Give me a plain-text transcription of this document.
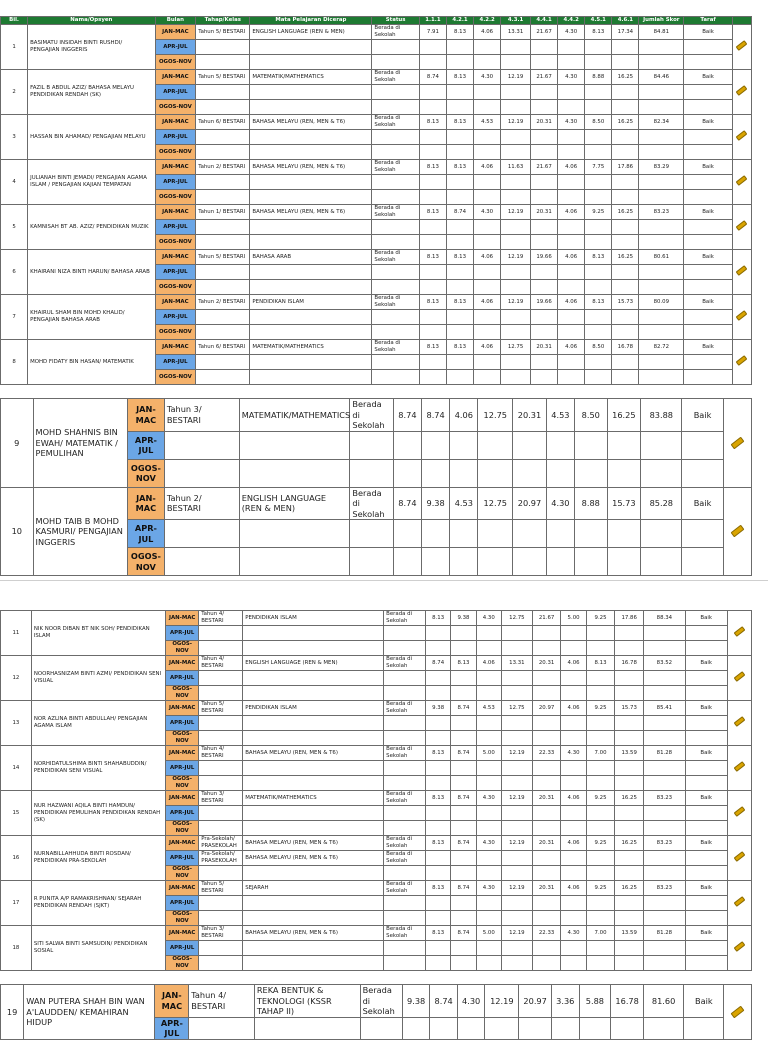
Bil.	Nama/Opsyen	Bulan	Tahap/Kelas	Mata Pelajaran Dicerap	Status	1.1.1	4.2.1	4.2.2	4.3.1	4.4.1	4.4.2	4.5.1	4.6.1	Jumlah Skor	Taraf	
1	BASIMATU INSIDAH BINTI RUSHDI/ PENGAJIAN INGGERIS	JAN-MAC	Tahun 5/ BESTARI	ENGLISH LANGUAGE (REN & MEN)	Berada di Sekolah	7.91	8.13	4.06	13.31	21.67	4.30	8.13	17.34	84.81	Baik	
		APR-JUL														
		OGOS-NOV														
2	FAZIL B ABDUL AZIZ/ BAHASA MELAYU PENDIDIKAN RENDAH (SK)	JAN-MAC	Tahun 5/ BESTARI	MATEMATIK/MATHEMATICS	Berada di Sekolah	8.74	8.13	4.30	12.19	21.67	4.30	8.88	16.25	84.46	Baik	
		APR-JUL														
		OGOS-NOV														
3	HASSAN BIN AHAMAD/ PENGAJIAN MELAYU	JAN-MAC	Tahun 6/ BESTARI	BAHASA MELAYU (REN, MEN & T6)	Berada di Sekolah	8.13	8.13	4.53	12.19	20.31	4.30	8.50	16.25	82.34	Baik	
		APR-JUL														
		OGOS-NOV														
4	JULIANAH BINTI JEMADI/ PENGAJIAN AGAMA ISLAM / PENGAJIAN KAJIAN TEMPATAN	JAN-MAC	Tahun 2/ BESTARI	BAHASA MELAYU (REN, MEN & T6)	Berada di Sekolah	8.13	8.13	4.06	11.63	21.67	4.06	7.75	17.86	83.29	Baik	
		APR-JUL														
		OGOS-NOV														
5	KAMNISAH BT AB. AZIZ/ PENDIDIKAN MUZIK	JAN-MAC	Tahun 1/ BESTARI	BAHASA MELAYU (REN, MEN & T6)	Berada di Sekolah	8.13	8.74	4.30	12.19	20.31	4.06	9.25	16.25	83.23	Baik	
		APR-JUL														
		OGOS-NOV														
6	KHAIRANI NIZA BINTI HARUN/ BAHASA ARAB	JAN-MAC	Tahun 5/ BESTARI	BAHASA ARAB	Berada di Sekolah	8.13	8.13	4.06	12.19	19.66	4.06	8.13	16.25	80.61	Baik	
		APR-JUL														
		OGOS-NOV														
7	KHAIRUL SHAM BIN MOHD KHALID/ PENGAJIAN BAHASA ARAB	JAN-MAC	Tahun 2/ BESTARI	PENDIDIKAN ISLAM	Berada di Sekolah	8.13	8.13	4.06	12.19	19.66	4.06	8.13	15.73	80.09	Baik	
		APR-JUL														
		OGOS-NOV														
8	MOHD FIDATY BIN HASAN/ MATEMATIK	JAN-MAC	Tahun 6/ BESTARI	MATEMATIK/MATHEMATICS	Berada di Sekolah	8.13	8.13	4.06	12.75	20.31	4.06	8.50	16.78	82.72	Baik	
		APR-JUL														
		OGOS-NOV														
9	MOHD SHAHNIS BIN EWAH/ MATEMATIK / PEMULIHAN	JAN-MAC	Tahun 3/ BESTARI	MATEMATIK/MATHEMATICS	Berada di Sekolah	8.74	8.74	4.06	12.75	20.31	4.53	8.50	16.25	83.88	Baik	
		APR-JUL														
		OGOS-NOV														
10	MOHD TAIB B MOHD KASMURI/ PENGAJIAN INGGERIS	JAN-MAC	Tahun 2/ BESTARI	ENGLISH LANGUAGE (REN & MEN)	Berada di Sekolah	8.74	9.38	4.53	12.75	20.97	4.30	8.88	15.73	85.28	Baik	
		APR-JUL														
		OGOS-NOV														
11	NIK NOOR DIBAN BT NIK SOH/ PENDIDIKAN ISLAM	JAN-MAC	Tahun 4/ BESTARI	PENDIDIKAN ISLAM	Berada di Sekolah	8.13	9.38	4.30	12.75	21.67	5.00	9.25	17.86	88.34	Baik	
		APR-JUL														
		OGOS-NOV														
12	NOORHASNIZAM BINTI AZMI/ PENDIDIKAN SENI VISUAL	JAN-MAC	Tahun 4/ BESTARI	ENGLISH LANGUAGE (REN & MEN)	Berada di Sekolah	8.74	8.13	4.06	13.31	20.31	4.06	8.13	16.78	83.52	Baik	
		APR-JUL														
		OGOS-NOV														
13	NOR AZLINA BINTI ABDULLAH/ PENGAJIAN AGAMA ISLAM	JAN-MAC	Tahun 5/ BESTARI	PENDIDIKAN ISLAM	Berada di Sekolah	9.38	8.74	4.53	12.75	20.97	4.06	9.25	15.73	85.41	Baik	
		APR-JUL														
		OGOS-NOV														
14	NORHIDATULSHIMA BINTI SHAHABUDDIN/ PENDIDIKAN SENI VISUAL	JAN-MAC	Tahun 4/ BESTARI	BAHASA MELAYU (REN, MEN & T6)	Berada di Sekolah	8.13	8.74	5.00	12.19	22.33	4.30	7.00	13.59	81.28	Baik	
		APR-JUL														
		OGOS-NOV														
15	NUR HAZWANI AQILA BINTI HAMDUN/ PENDIDIKAN PEMULIHAN PENDIDIKAN RENDAH (SK)	JAN-MAC	Tahun 3/ BESTARI	MATEMATIK/MATHEMATICS	Berada di Sekolah	8.13	8.74	4.30	12.19	20.31	4.06	9.25	16.25	83.23	Baik	
		APR-JUL														
		OGOS-NOV														
16	NURNABILLAHHUDA BINTI ROSDAN/ PENDIDIKAN PRA-SEKOLAH	JAN-MAC	Pra-Sekolah/ PRASEKOLAH	BAHASA MELAYU (REN, MEN & T6)	Berada di Sekolah	8.13	8.74	4.30	12.19	20.31	4.06	9.25	16.25	83.23	Baik	
		APR-JUL	Pra-Sekolah/ PRASEKOLAH	BAHASA MELAYU (REN, MEN & T6)	Berada di Sekolah											
		OGOS-NOV														
17	R PUNITA A/P RAMAKRISHNAN/ SEJARAH PENDIDIKAN RENDAH (SJKT)	JAN-MAC	Tahun 5/ BESTARI	SEJARAH	Berada di Sekolah	8.13	8.74	4.30	12.19	20.31	4.06	9.25	16.25	83.23	Baik	
		APR-JUL														
		OGOS-NOV														
18	SITI SALWA BINTI SAMSUDIN/ PENDIDIKAN SOSIAL	JAN-MAC	Tahun 3/ BESTARI	BAHASA MELAYU (REN, MEN & T6)	Berada di Sekolah	8.13	8.74	5.00	12.19	22.33	4.30	7.00	13.59	81.28	Baik	
		APR-JUL														
		OGOS-NOV														
19	WAN PUTERA SHAH BIN WAN A'LAUDDEN/ KEMAHIRAN HIDUP	JAN-MAC	Tahun 4/ BESTARI	REKA BENTUK & TEKNOLOGI (KSSR TAHAP II)	Berada di Sekolah	9.38	8.74	4.30	12.19	20.97	3.36	5.88	16.78	81.60	Baik	
		APR-JUL														
